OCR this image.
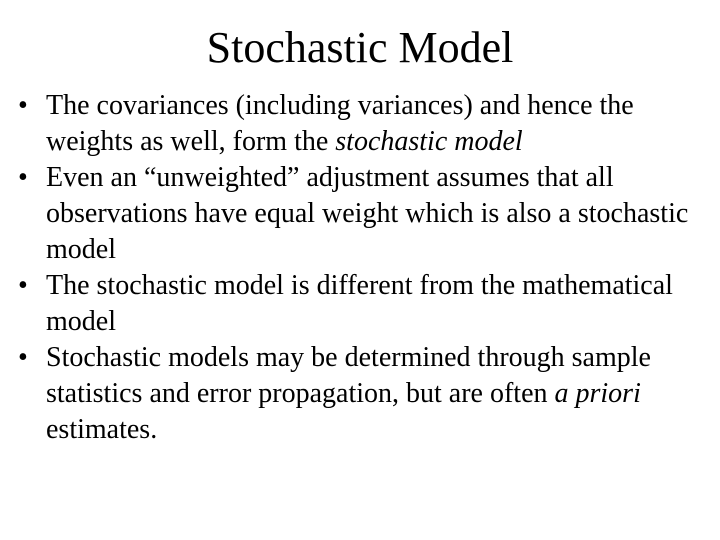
Stochastic Model
• The covariances (including variances) and hence the weights as well, form the stochastic model
• Even an “unweighted” adjustment assumes that all observations have equal weight which is also a stochastic model
• The stochastic model is different from the mathematical model
• Stochastic models may be determined through sample statistics and error propagation, but are often a priori estimates.
